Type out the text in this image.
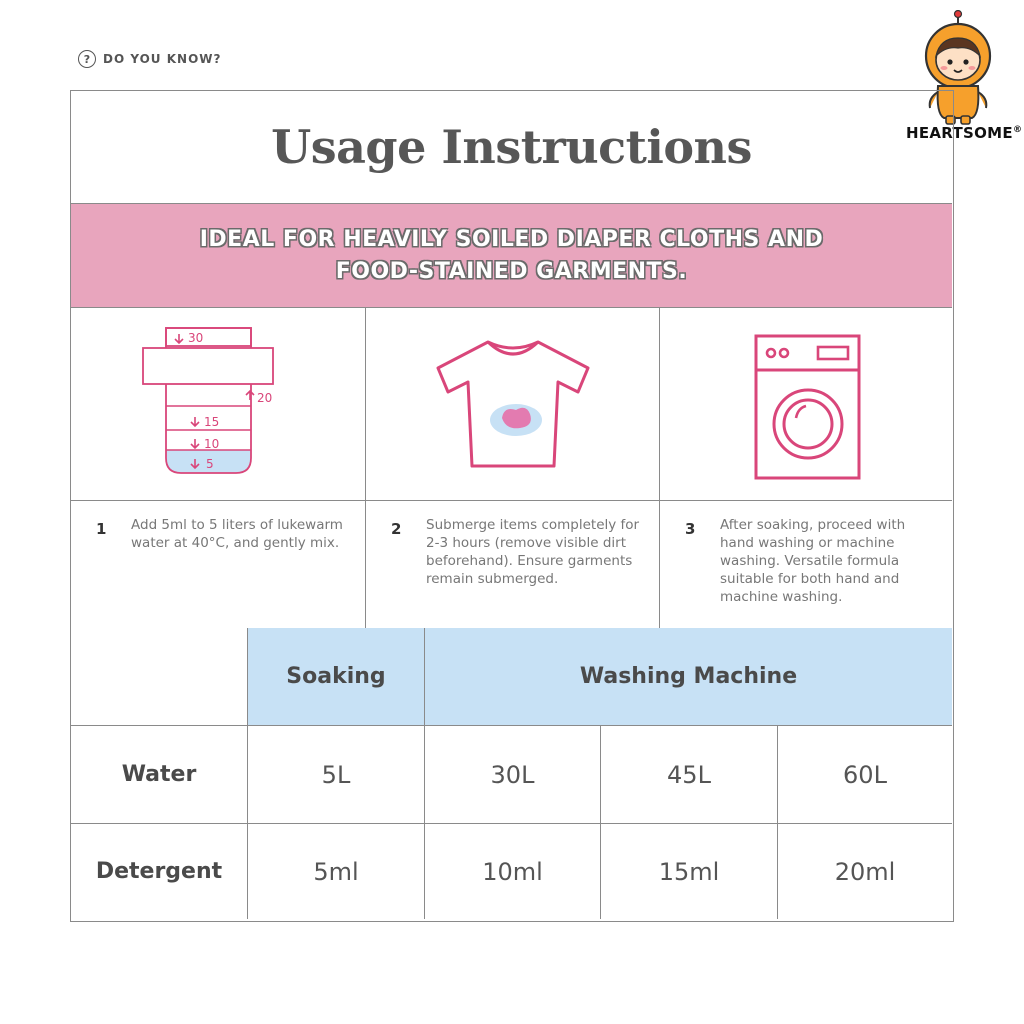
?	DO YOU KNOW?
HEARTSOME®
Usage Instructions
IDEAL FOR HEAVILY SOILED DIAPER CLOTHS AND
FOOD-STAINED GARMENTS.
30
20
15
10
5
1 Add 5ml to 5 liters of lukewarm water at 40°C, and gently mix.
2 Submerge items completely for 2-3 hours (remove visible dirt beforehand). Ensure garments remain submerged.
3 After soaking, proceed with hand washing or machine washing. Versatile formula suitable for both hand and machine washing.
Soaking	Washing Machine
Water	5L	30L	45L	60L
Detergent	5ml	10ml	15ml	20ml
